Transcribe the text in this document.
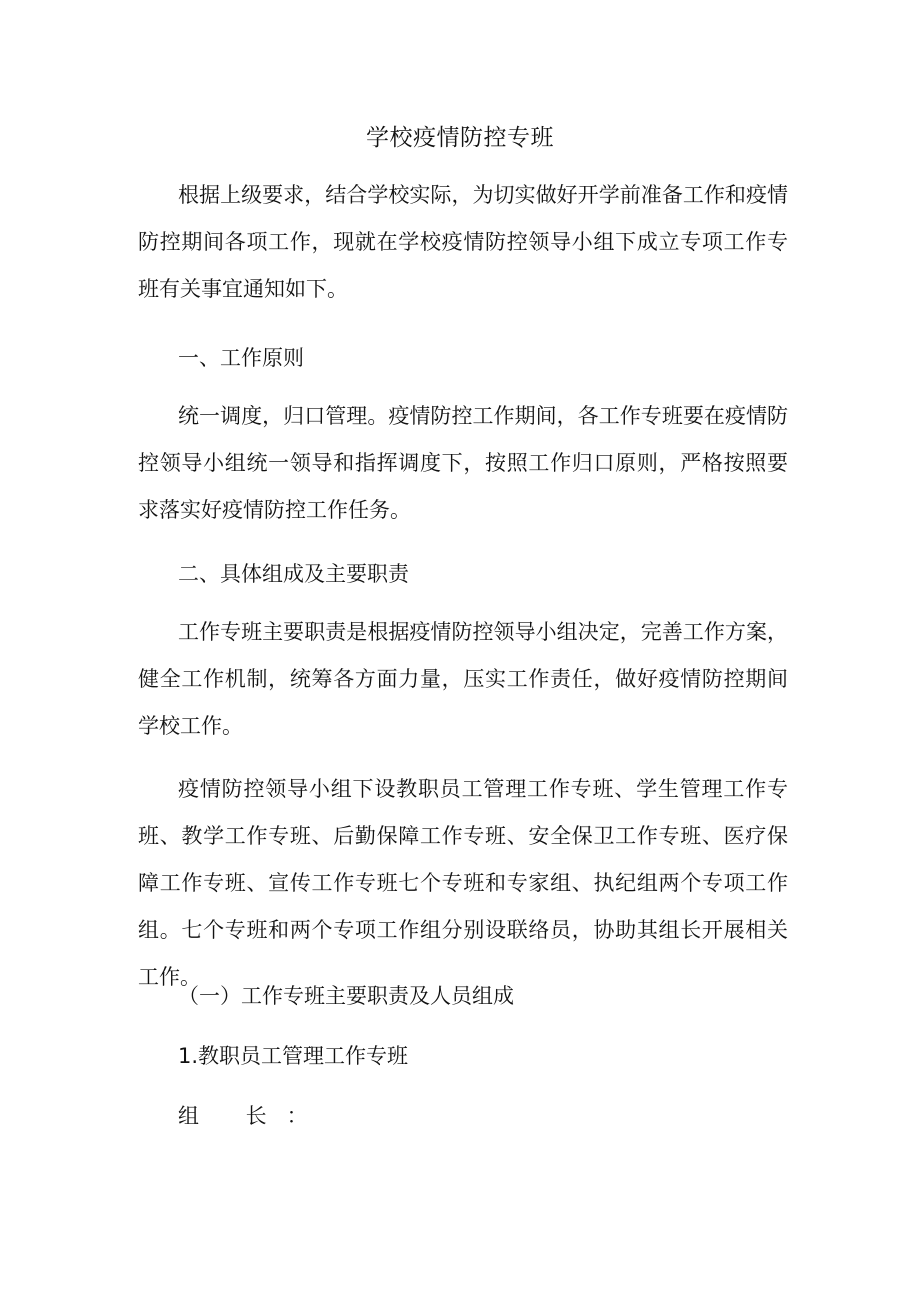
学校疫情防控专班

根据上级要求，结合学校实际，为切实做好开学前准备工作和疫情防控期间各项工作，现就在学校疫情防控领导小组下成立专项工作专班有关事宜通知如下。

一、工作原则

统一调度，归口管理。疫情防控工作期间，各工作专班要在疫情防控领导小组统一领导和指挥调度下，按照工作归口原则，严格按照要求落实好疫情防控工作任务。

二、具体组成及主要职责

工作专班主要职责是根据疫情防控领导小组决定，完善工作方案，健全工作机制，统筹各方面力量，压实工作责任，做好疫情防控期间学校工作。

疫情防控领导小组下设教职员工管理工作专班、学生管理工作专班、教学工作专班、后勤保障工作专班、安全保卫工作专班、医疗保障工作专班、宣传工作专班七个专班和专家组、执纪组两个专项工作组。七个专班和两个专项工作组分别设联络员，协助其组长开展相关工作。

（一）工作专班主要职责及人员组成

1.教职员工管理工作专班

组 长：
